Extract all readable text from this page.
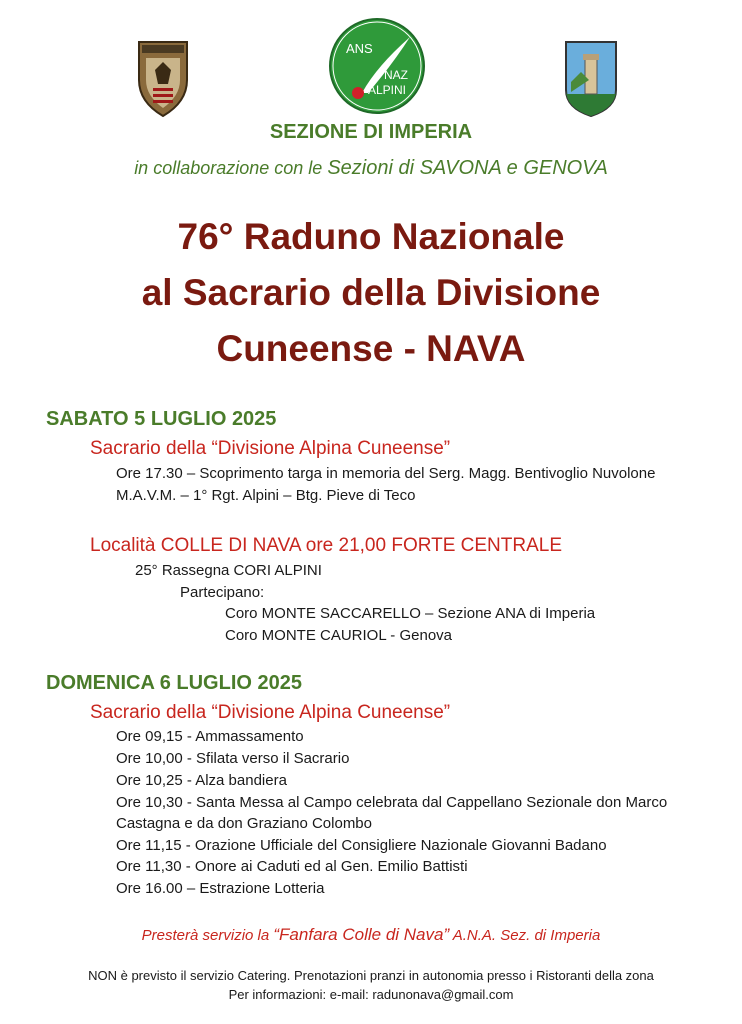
ANS
NAZ
ALPINI
SEZIONE DI IMPERIA
in collaborazione con le Sezioni di SAVONA e GENOVA
76° Raduno Nazionale
al Sacrario della Divisione
Cuneense - NAVA
SABATO 5 LUGLIO 2025
Sacrario della “Divisione Alpina Cuneense”
Ore 17.30 – Scoprimento targa in memoria del Serg. Magg. Bentivoglio Nuvolone
M.A.V.M. – 1° Rgt. Alpini – Btg. Pieve di Teco
Località COLLE DI NAVA ore 21,00 FORTE CENTRALE
25° Rassegna CORI ALPINI
Partecipano:
Coro MONTE SACCARELLO – Sezione ANA di Imperia
Coro MONTE CAURIOL - Genova
DOMENICA 6 LUGLIO 2025
Sacrario della “Divisione Alpina Cuneense”
Ore 09,15 - Ammassamento
Ore 10,00 - Sfilata verso il Sacrario
Ore 10,25 - Alza bandiera
Ore 10,30 - Santa Messa al Campo celebrata dal Cappellano Sezionale don Marco
Castagna e da don Graziano Colombo
Ore 11,15 - Orazione Ufficiale del Consigliere Nazionale Giovanni Badano
Ore 11,30 - Onore ai Caduti ed al Gen. Emilio Battisti
Ore 16.00 – Estrazione Lotteria
Presterà servizio la “Fanfara Colle di Nava” A.N.A. Sez. di Imperia
NON è previsto il servizio Catering. Prenotazioni pranzi in autonomia presso i Ristoranti della zona
Per informazioni: e-mail: radunonava@gmail.com
